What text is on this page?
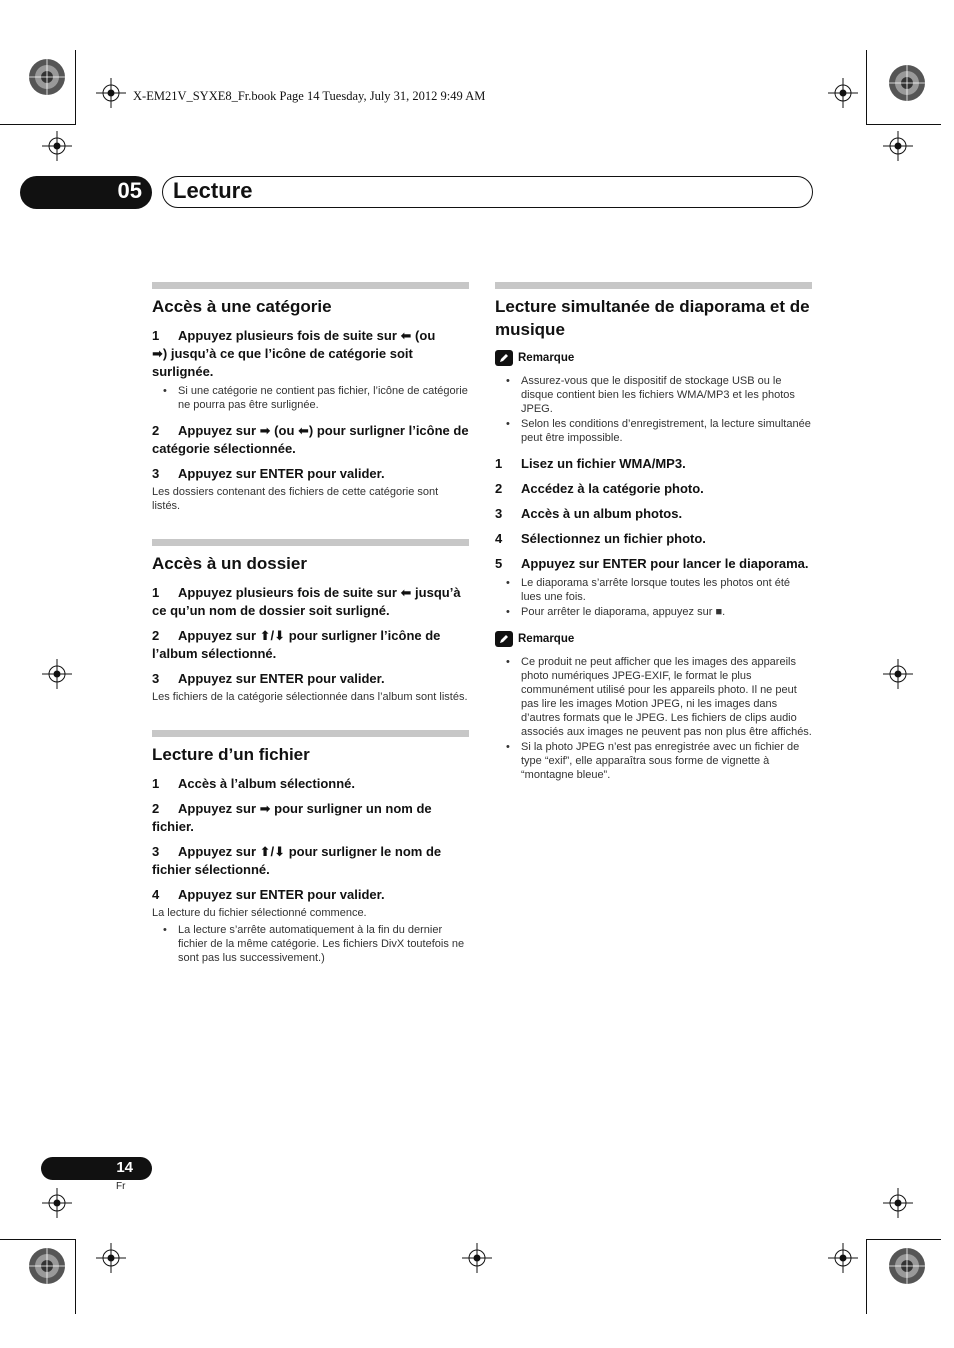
X-EM21V_SYXE8_Fr.book Page 14 Tuesday, July 31, 2012 9:49 AM
05 Lecture
Accès à une catégorie
1 Appuyez plusieurs fois de suite sur ⬅ (ou
➡) jusqu’à ce que l’icône de catégorie soit surlignée.
• Si une catégorie ne contient pas fichier, l’icône de catégorie ne pourra pas être surlignée.
2 Appuyez sur ➡ (ou ⬅) pour surligner l’icône de catégorie sélectionnée.
3 Appuyez sur ENTER pour valider.
Les dossiers contenant des fichiers de cette catégorie sont listés.
Accès à un dossier
1 Appuyez plusieurs fois de suite sur ⬅ jusqu’à ce qu’un nom de dossier soit surligné.
2 Appuyez sur ⬆/⬇ pour surligner l’icône de l’album sélectionné.
3 Appuyez sur ENTER pour valider.
Les fichiers de la catégorie sélectionnée dans l’album sont listés.
Lecture d’un fichier
1 Accès à l’album sélectionné.
2 Appuyez sur ➡ pour surligner un nom de fichier.
3 Appuyez sur ⬆/⬇ pour surligner le nom de fichier sélectionné.
4 Appuyez sur ENTER pour valider.
La lecture du fichier sélectionné commence.
• La lecture s’arrête automatiquement à la fin du dernier fichier de la même catégorie. Les fichiers DivX toutefois ne sont pas lus successivement.)
Lecture simultanée de diaporama et de musique
Remarque
• Assurez-vous que le dispositif de stockage USB ou le disque contient bien les fichiers WMA/MP3 et les photos JPEG.
• Selon les conditions d’enregistrement, la lecture simultanée peut être impossible.
1 Lisez un fichier WMA/MP3.
2 Accédez à la catégorie photo.
3 Accès à un album photos.
4 Sélectionnez un fichier photo.
5 Appuyez sur ENTER pour lancer le diaporama.
• Le diaporama s’arrête lorsque toutes les photos ont été lues une fois.
• Pour arrêter le diaporama, appuyez sur ■.
Remarque
• Ce produit ne peut afficher que les images des appareils photo numériques JPEG-EXIF, le format le plus communément utilisé pour les appareils photo. Il ne peut pas lire les images Motion JPEG, ni les images dans d’autres formats que le JPEG. Les fichiers de clips audio associés aux images ne peuvent pas non plus être affichés.
• Si la photo JPEG n’est pas enregistrée avec un fichier de type “exif”, elle apparaîtra sous forme de vignette à “montagne bleue”.
14
Fr
